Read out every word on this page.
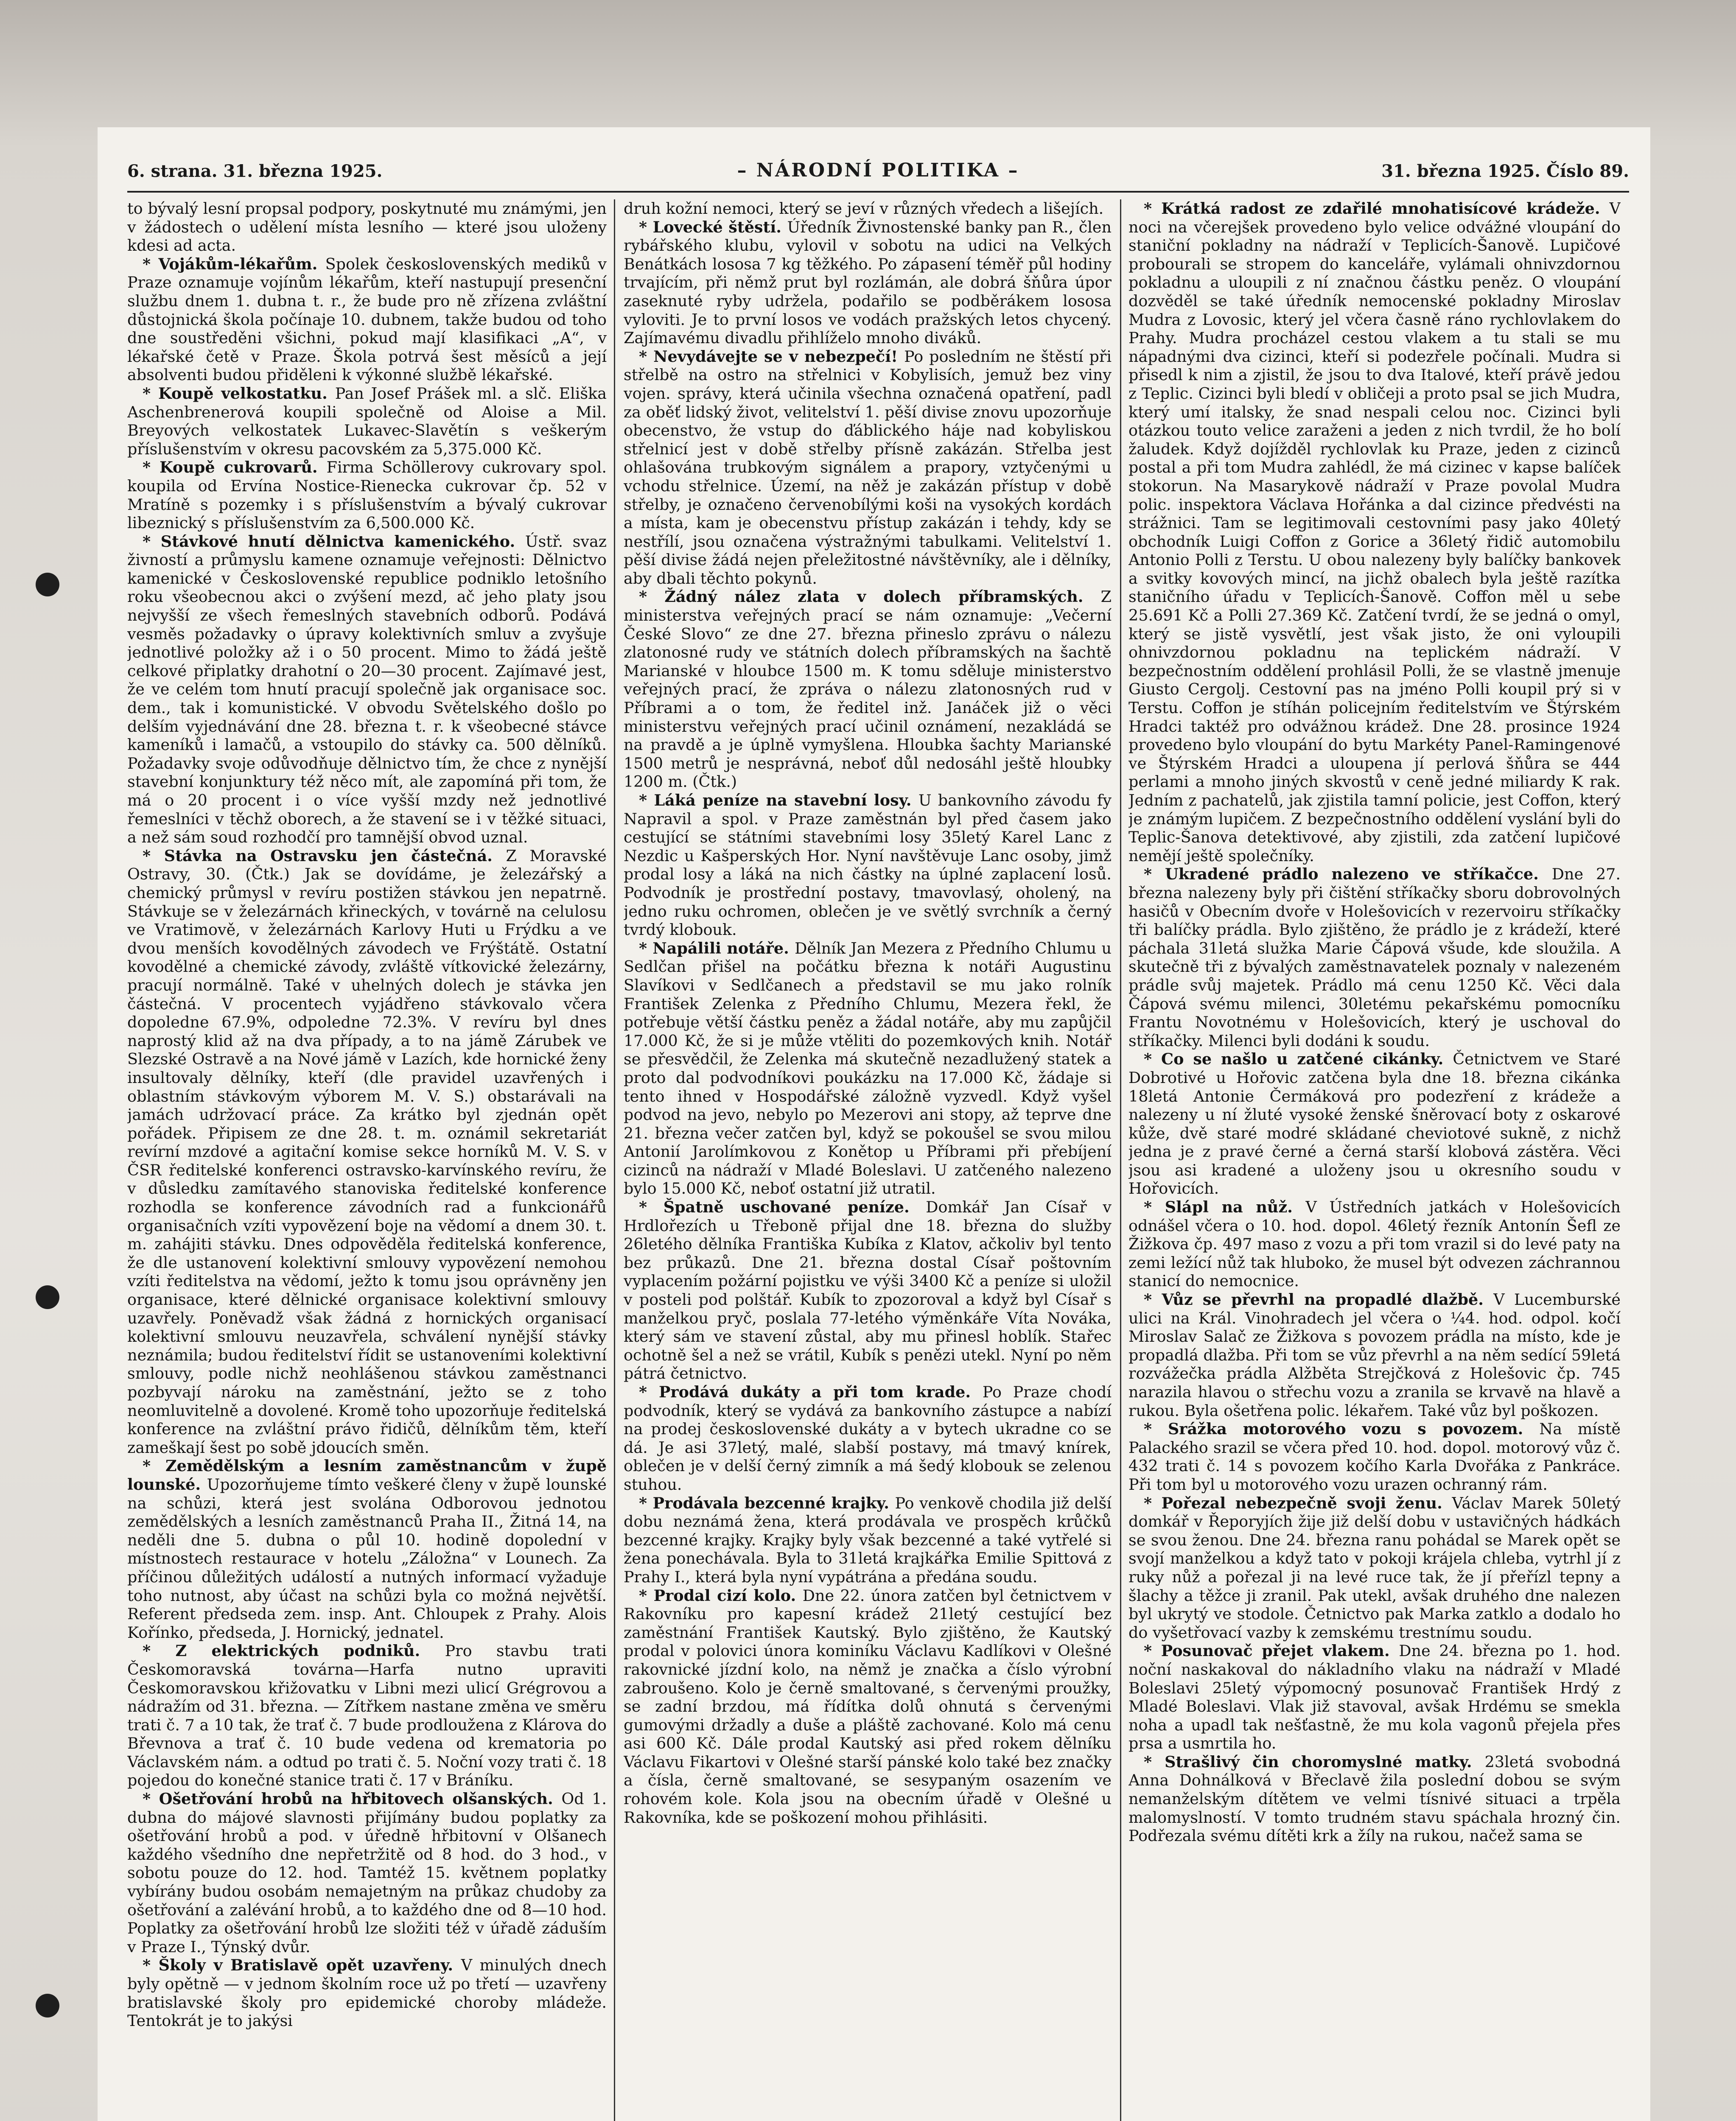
6. strana. 31. března 1925.	– NÁRODNÍ POLITIKA –	31. března 1925. Číslo 89.

to bývalý lesní propsal podpory, poskytnuté mu známými, jen v žádostech o udělení místa lesního — které jsou uloženy kdesi ad acta.

* Vojákům-lékařům. Spolek československých mediků v Praze oznamuje vojínům lékařům, kteří nastupují presenční službu dnem 1. dubna t. r., že bude pro ně zřízena zvláštní důstojnická škola počínaje 10. dubnem, takže budou od toho dne soustředěni všichni, pokud mají klasifikaci „A“, v lékařské četě v Praze. Škola potrvá šest měsíců a její absolventi budou přiděleni k výkonné službě lékařské.

* Koupě velkostatku. Pan Josef Prášek ml. a slč. Eliška Aschenbrenerová koupili společně od Aloise a Mil. Breyových velkostatek Lukavec-Slavětín s veškerým příslušenstvím v okresu pacovském za 5,375.000 Kč.

* Koupě cukrovarů. Firma Schöllerovy cukrovary spol. koupila od Ervína Nostice-Rieneckа cukrovar čp. 52 v Mratíně s pozemky i s příslušenstvím a bývalý cukrovar libeznický s příslušenstvím za 6,500.000 Kč.

* Stávkové hnutí dělnictva kamenického. Ústř. svaz živností a průmyslu kamene oznamuje veřejnosti: Dělnictvo kamenické v Československé republice podniklo letošního roku všeobecnou akci o zvýšení mezd, ač jeho platy jsou nejvyšší ze všech řemeslných stavebních odborů. Podává vesměs požadavky o úpravy kolektivních smluv a zvyšuje jednotlivé položky až i o 50 procent. Mimo to žádá ještě celkové připlatky drahotní o 20—30 procent. Zajímavé jest, že ve celém tom hnutí pracují společně jak organisace soc. dem., tak i komunistické. V obvodu Světelského došlo po delším vyjednávání dne 28. března t. r. k všeobecné stávce kameníků i lamačů, a vstoupilo do stávky ca. 500 dělníků. Požadavky svoje odůvodňuje dělnictvo tím, že chce z nynější stavební konjunktury též něco mít, ale zapomíná při tom, že má o 20 procent i o více vyšší mzdy než jednotlivé řemeslníci v těchž oborech, a že stavení se i v těžké situaci, a než sám soud rozhodčí pro tamnější obvod uznal.

* Stávka na Ostravsku jen částečná. Z Moravské Ostravy, 30. (Čtk.) Jak se dovídáme, je železářský a chemický průmysl v revíru postižen stávkou jen nepatrně. Stávkuje se v železárnách křineckých, v továrně na celulosu ve Vratimově, v železárnách Karlovy Huti u Frýdku a ve dvou menších kovodělných závodech ve Frýštátě. Ostatní kovodělné a chemické závody, zvláště vítkovické železárny, pracují normálně. Také v uhelných dolech je stávka jen částečná. V procentech vyjádřeno stávkovalo včera dopoledne 67.9%, odpoledne 72.3%. V revíru byl dnes naprostý klid až na dva případy, a to na jámě Zárubek ve Slezské Ostravě a na Nové jámě v Lazích, kde hornické ženy insultovaly dělníky, kteří (dle pravidel uzavřených i oblastním stávkovým výborem M. V. S.) obstarávali na jamách udržovací práce. Za krátko byl zjednán opět pořádek. Připisem ze dne 28. t. m. oznámil sekretariát revírní mzdové a agitační komise sekce horníků M. V. S. v ČSR ředitelské konferenci ostravsko-karvínského revíru, že v důsledku zamítavého stanoviska ředitelské konference rozhodla se konference závodních rad a funkcionářů organisačních vzíti vypovězení boje na vědomí a dnem 30. t. m. zahájiti stávku. Dnes odpověděla ředitelská konference, že dle ustanovení kolektivní smlouvy vypovězení nemohou vzíti ředitelstva na vědomí, ježto k tomu jsou oprávněny jen organisace, které dělnické organisace kolektivní smlouvy uzavřely. Poněvadž však žádná z hornických organisací kolektivní smlouvu neuzavřela, schválení nynější stávky neznámila; budou ředitelství řídit se ustanoveními kolektivní smlouvy, podle nichž neohlášenou stávkou zaměstnanci pozbyvají nároku na zaměstnání, ježto se z toho neomluvitelně a dovolené. Kromě toho upozorňuje ředitelská konference na zvláštní právo řidičů, dělníkům těm, kteří zameškají šest po sobě jdoucích směn.

* Zemědělským a lesním zaměstnancům v župě lounské. Upozorňujeme tímto veškeré členy v župě lounské na schůzi, která jest svolána Odborovou jednotou zemědělských a lesních zaměstnanců Praha II., Žitná 14, na neděli dne 5. dubna o půl 10. hodině dopolední v místnostech restaurace v hotelu „Záložna“ v Lounech. Za příčinou důležitých událostí a nutných informací vyžaduje toho nutnost, aby účast na schůzi byla co možná největší. Referent předseda zem. insp. Ant. Chloupek z Prahy. Alois Kořínko, předseda, J. Hornický, jednatel.

* Z elektrických podniků. Pro stavbu trati Českomoravská továrna—Harfa nutno upraviti Českomoravskou křižovatku v Libni mezi ulicí Grégrovou a nádražím od 31. března. — Zítřkem nastane změna ve směru trati č. 7 a 10 tak, že trať č. 7 bude prodloužena z Klárova do Břevnova a trať č. 10 bude vedena od krematoria po Václavském nám. a odtud po trati č. 5. Noční vozy trati č. 18 pojedou do konečné stanice trati č. 17 v Bráníku.

* Ošetřování hrobů na hřbitovech olšanských. Od 1. dubna do májové slavnosti přijímány budou poplatky za ošetřování hrobů a pod. v úředně hřbitovní v Olšanech každého všedního dne nepřetržitě od 8 hod. do 3 hod., v sobotu pouze do 12. hod. Tamtéž 15. květnem poplatky vybírány budou osobám nemajetným na průkaz chudoby za ošetřování a zalévání hrobů, a to každého dne od 8—10 hod. Poplatky za ošetřování hrobů lze složiti též v úřadě záduším v Praze I., Týnský dvůr.

* Školy v Bratislavě opět uzavřeny. V minulých dnech byly opětně — v jednom školním roce už po třetí — uzavřeny bratislavské školy pro epidemické choroby mládeže. Tentokrát je to jakýsi

druh kožní nemoci, který se jeví v různých vředech a lišejích.

* Lovecké štěstí. Úředník Živnostenské banky pan R., člen rybářského klubu, vylovil v sobotu na udici na Velkých Benátkách lososa 7 kg těžkého. Po zápasení téměř půl hodiny trvajícím, při němž prut byl rozlámán, ale dobrá šňůra úpor zaseknuté ryby udržela, podařilo se podběrákem lososa vyloviti. Je to první losos ve vodách pražských letos chycený. Zajímavému divadlu přihlíželo mnoho diváků.

* Nevydávejte se v nebezpečí! Po posledním ne štěstí při střelbě na ostro na střelnici v Kobylisích, jemuž bez viny vojen. správy, která učinila všechna označená opatření, padl za oběť lidský život, velitelství 1. pěší divise znovu upozorňuje obecenstvo, že vstup do ďáblického háje nad kobyliskou střelnicí jest v době střelby přísně zakázán. Střelba jest ohlašována trubkovým signálem a prapory, vztyčenými u vchodu střelnice. Území, na něž je zakázán přístup v době střelby, je označeno červenobílými koši na vysokých kordách a místa, kam je obecenstvu přístup zakázán i tehdy, kdy se nestřílí, jsou označena výstražnými tabulkami. Velitelství 1. pěší divise žádá nejen přeležitostné návštěvníky, ale i dělníky, aby dbali těchto pokynů.

* Žádný nález zlata v dolech příbramských. Z ministerstva veřejných prací se nám oznamuje: „Večerní České Slovo“ ze dne 27. března přineslo zprávu o nálezu zlatonosné rudy ve státních dolech příbramských na šachtě Marianské v hloubce 1500 m. K tomu sděluje ministerstvo veřejných prací, že zpráva o nálezu zlatonosných rud v Příbrami a o tom, že ředitel inž. Janáček již o věci ministerstvu veřejných prací učinil oznámení, nezakládá se na pravdě a je úplně vymyšlena. Hloubka šachty Marianské 1500 metrů je nesprávná, neboť důl nedosáhl ještě hloubky 1200 m. (Čtk.)

* Láká peníze na stavební losy. U bankovního závodu fy Napravil a spol. v Praze zaměstnán byl před časem jako cestující se státními stavebními losy 35letý Karel Lanc z Nezdic u Kašperských Hor. Nyní navštěvuje Lanc osoby, jimž prodal losy a láká na nich částky na úplné zaplacení losů. Podvodník je prostřední postavy, tmavovlasý, oholený, na jedno ruku ochromen, oblečen je ve světlý svrchník a černý tvrdý klobouk.

* Napálili notáře. Dělník Jan Mezera z Předního Chlumu u Sedlčan přišel na počátku března k notáři Augustinu Slavíkovi v Sedlčanech a představil se mu jako rolník František Zelenka z Předního Chlumu, Mezera řekl, že potřebuje větší částku peněz a žádal notáře, aby mu zapůjčil 17.000 Kč, že si je může vtěliti do pozemkových knih. Notář se přesvědčil, že Zelenka má skutečně nezadlužený statek a proto dal podvodníkovi poukázku na 17.000 Kč, žádaje si tento ihned v Hospodářské záložně vyzvedl. Když vyšel podvod na jevo, nebylo po Mezerovi ani stopy, až teprve dne 21. března večer zatčen byl, když se pokoušel se svou milou Antonií Jarolímkovou z Konětop u Příbrami při přebíjení cizinců na nádraží v Mladé Boleslavi. U zatčeného nalezeno bylo 15.000 Kč, neboť ostatní již utratil.

* Špatně uschované peníze. Domkář Jan Císař v Hrdlořezích u Třeboně přijal dne 18. března do služby 26letého dělníka Františka Kubíka z Klatov, ačkoliv byl tento bez průkazů. Dne 21. března dostal Císař poštovním vyplacením požární pojistku ve výši 3400 Kč a peníze si uložil v posteli pod polštář. Kubík to zpozoroval a když byl Císař s manželkou pryč, poslala 77-letého výměnkáře Víta Nováka, který sám ve stavení zůstal, aby mu přinesl hoblík. Stařec ochotně šel a než se vrátil, Kubík s penězi utekl. Nyní po něm pátrá četnictvo.

* Prodává dukáty a při tom krade. Po Praze chodí podvodník, který se vydává za bankovního zástupce a nabízí na prodej československé dukáty a v bytech ukradne co se dá. Je asi 37letý, malé, slabší postavy, má tmavý knírek, oblečen je v delší černý zimník a má šedý klobouk se zelenou stuhou.

* Prodávala bezcenné krajky. Po venkově chodila již delší dobu neznámá žena, která prodávala ve prospěch krůčků bezcenné krajky. Krajky byly však bezcenné a také vytřelé si žena ponechávala. Byla to 31letá krajkářka Emilie Spittová z Prahy I., která byla nyní vypátrána a předána soudu.

* Prodal cizí kolo. Dne 22. února zatčen byl četnictvem v Rakovníku pro kapesní krádež 21letý cestující bez zaměstnání František Kautský. Bylo zjištěno, že Kautský prodal v polovici února kominíku Václavu Kadlíkovi v Olešné rakovnické jízdní kolo, na němž je značka a číslo výrobní zabroušeno. Kolo je černě smaltované, s červenými proužky, se zadní brzdou, má řídítka dolů ohnutá s červenými gumovými držadly a duše a pláště zachované. Kolo má cenu asi 600 Kč. Dále prodal Kautský asi před rokem dělníku Václavu Fikartovi v Olešné starší pánské kolo také bez značky a čísla, černě smaltované, se sesypaným osazením ve rohovém kole. Kola jsou na obecním úřadě v Olešné u Rakovníka, kde se poškození mohou přihlásiti.

* Krátká radost ze zdařilé mnohatisícové krádeže. V noci na včerejšek provedeno bylo velice odvážné vloupání do staniční pokladny na nádraží v Teplicích-Šanově. Lupičové probourali se stropem do kanceláře, vylámali ohnivzdornou pokladnu a uloupili z ní značnou částku peněz. O vloupání dozvěděl se také úředník nemocenské pokladny Miroslav Mudra z Lovosic, který jel včera časně ráno rychlovlakem do Prahy. Mudra procházel cestou vlakem a tu stali se mu nápadnými dva cizinci, kteří si podezřele počínali. Mudra si přisedl k nim a zjistil, že jsou to dva Italové, kteří právě jedou z Teplic. Cizinci byli bledí v obličeji a proto psal se jich Mudra, který umí italsky, že snad nespali celou noc. Cizinci byli otázkou touto velice zaraženi a jeden z nich tvrdil, že ho bolí žaludek. Když dojížděl rychlovlak ku Praze, jeden z cizinců postal a při tom Mudra zahlédl, že má cizinec v kapse balíček stokorun. Na Masarykově nádraží v Praze povolal Mudra polic. inspektora Václava Hořánka a dal cizince předvésti na strážnici. Tam se legitimovali cestovními pasy jako 40letý obchodník Luigi Coffon z Gorice a 36letý řidič automobilu Antonio Polli z Terstu. U obou nalezeny byly balíčky bankovek a svitky kovových mincí, na jichž obalech byla ještě razítka staničního úřadu v Teplicích-Šanově. Coffon měl u sebe 25.691 Kč a Polli 27.369 Kč. Zatčení tvrdí, že se jedná o omyl, který se jistě vysvětlí, jest však jisto, že oni vyloupili ohnivzdornou pokladnu na teplickém nádraží. V bezpečnostním oddělení prohlásil Polli, že se vlastně jmenuje Giusto Cergolj. Cestovní pas na jméno Polli koupil prý si v Terstu. Coffon je stíhán policejním ředitelstvím ve Štýrském Hradci taktéž pro odvážnou krádež. Dne 28. prosince 1924 provedeno bylo vloupání do bytu Markéty Panel-Ramingenové ve Štýrském Hradci a uloupena jí perlová šňůra se 444 perlami a mnoho jiných skvostů v ceně jedné miliardy K rak. Jedním z pachatelů, jak zjistila tamní policie, jest Coffon, který je známým lupičem. Z bezpečnostního oddělení vyslání byli do Teplic-Šanova detektivové, aby zjistili, zda zatčení lupičové nemějí ještě společníky.

* Ukradené prádlo nalezeno ve stříkačce. Dne 27. března nalezeny byly při čištění stříkačky sboru dobrovolných hasičů v Obecním dvoře v Holešovicích v rezervoiru stříkačky tři balíčky prádla. Bylo zjištěno, že prádlo je z krádeží, které páchala 31letá služka Marie Čápová všude, kde sloužila. A skutečně tři z bývalých zaměstnavatelek poznaly v nalezeném prádle svůj majetek. Prádlo má cenu 1250 Kč. Věci dala Čápová svému milenci, 30letému pekařskému pomocníku Frantu Novotnému v Holešovicích, který je uschoval do stříkačky. Milenci byli dodáni k soudu.

* Co se našlo u zatčené cikánky. Četnictvem ve Staré Dobrotivé u Hořovic zatčena byla dne 18. března cikánka 18letá Antonie Čermáková pro podezření z krádeže a nalezeny u ní žluté vysoké ženské šněrovací boty z oskarové kůže, dvě staré modré skládané cheviotové sukně, z nichž jedna je z pravé černé a černá starší klobová zástěra. Věci jsou asi kradené a uloženy jsou u okresního soudu v Hořovicích.

* Slápl na nůž. V Ústředních jatkách v Holešovicích odnášel včera o 10. hod. dopol. 46letý řezník Antonín Šefl ze Žižkova čp. 497 maso z vozu a při tom vrazil si do levé paty na zemi ležící nůž tak hluboko, že musel být odvezen záchrannou stanicí do nemocnice.

* Vůz se převrhl na propadlé dlažbě. V Lucemburské ulici na Král. Vinohradech jel včera o ¼4. hod. odpol. kočí Miroslav Salač ze Žižkova s povozem prádla na místo, kde je propadlá dlažba. Při tom se vůz převrhl a na něm sedící 59letá rozvážečka prádla Alžběta Strejčková z Holešovic čp. 745 narazila hlavou o střechu vozu a zranila se krvavě na hlavě a rukou. Byla ošetřena polic. lékařem. Také vůz byl poškozen.

* Srážka motorového vozu s povozem. Na místě Palackého srazil se včera před 10. hod. dopol. motorový vůz č. 432 trati č. 14 s povozem kočího Karla Dvořáka z Pankráce. Při tom byl u motorového vozu urazen ochranný rám.

* Pořezal nebezpečně svoji ženu. Václav Marek 50letý domkář v Řeporyjích žije již delší dobu v ustavičných hádkách se svou ženou. Dne 24. března ranu pohádal se Marek opět se svojí manželkou a když tato v pokoji krájela chleba, vytrhl jí z ruky nůž a pořezal ji na levé ruce tak, že jí přeřízl tepny a šlachy a těžce ji zranil. Pak utekl, avšak druhého dne nalezen byl ukrytý ve stodole. Četnictvo pak Marka zatklo a dodalo ho do vyšetřovací vazby k zemskému trestnímu soudu.

* Posunovač přejet vlakem. Dne 24. března po 1. hod. noční naskakoval do nákladního vlaku na nádraží v Mladé Boleslavi 25letý výpomocný posunovač František Hrdý z Mladé Boleslavi. Vlak již stavoval, avšak Hrdému se smekla noha a upadl tak nešťastně, že mu kola vagonů přejela přes prsa a usmrtila ho.

* Strašlivý čin choromyslné matky. 23letá svobodná Anna Dohnálková v Břeclavě žila poslední dobou se svým nemanželským dítětem ve velmi tísnivé situaci a trpěla malomyslností. V tomto trudném stavu spáchala hrozný čin. Podřezala svému dítěti krk a žíly na rukou, načež sama se
